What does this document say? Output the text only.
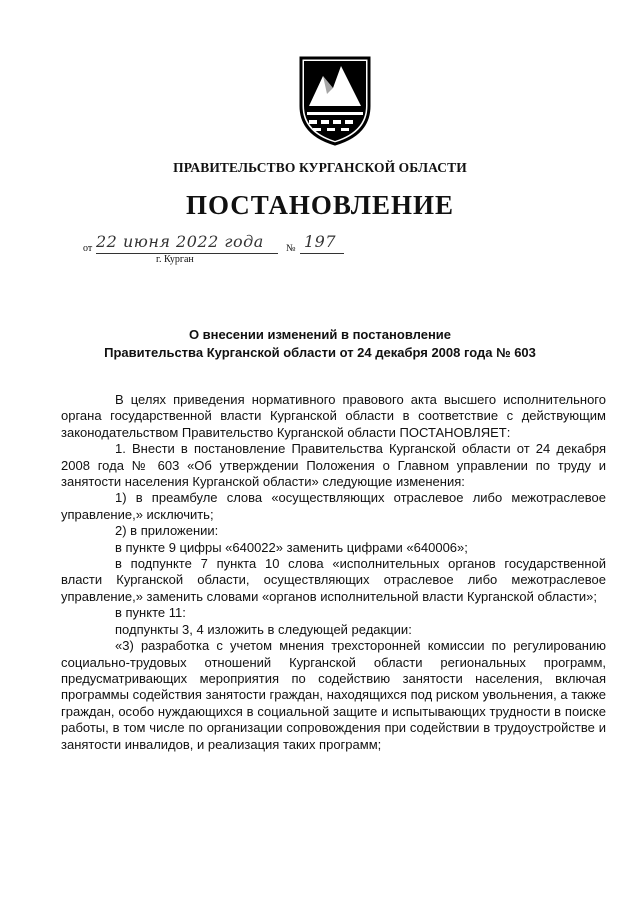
ПРАВИТЕЛЬСТВО КУРГАНСКОЙ ОБЛАСТИ
ПОСТАНОВЛЕНИЕ
от 22 июня 2022 года № 197
г. Курган
О внесении изменений в постановление
Правительства Курганской области от 24 декабря 2008 года № 603

В целях приведения нормативного правового акта высшего исполнительного органа государственной власти Курганской области в соответствие с действующим законодательством Правительство Курганской области ПОСТАНОВЛЯЕТ:

1. Внести в постановление Правительства Курганской области от 24 декабря 2008 года № 603 «Об утверждении Положения о Главном управлении по труду и занятости населения Курганской области» следующие изменения:

1) в преамбуле слова «осуществляющих отраслевое либо межотраслевое управление,» исключить;

2) в приложении:

в пункте 9 цифры «640022» заменить цифрами «640006»;

в подпункте 7 пункта 10 слова «исполнительных органов государственной власти Курганской области, осуществляющих отраслевое либо межотраслевое управление,» заменить словами «органов исполнительной власти Курганской области»;

в пункте 11:

подпункты 3, 4 изложить в следующей редакции:

«3) разработка с учетом мнения трехсторонней комиссии по регулированию социально-трудовых отношений Курганской области региональных программ, предусматривающих мероприятия по содействию занятости населения, включая программы содействия занятости граждан, находящихся под риском увольнения, а также граждан, особо нуждающихся в социальной защите и испытывающих трудности в поиске работы, в том числе по организации сопровождения при содействии в трудоустройстве и занятости инвалидов, и реализация таких программ;
